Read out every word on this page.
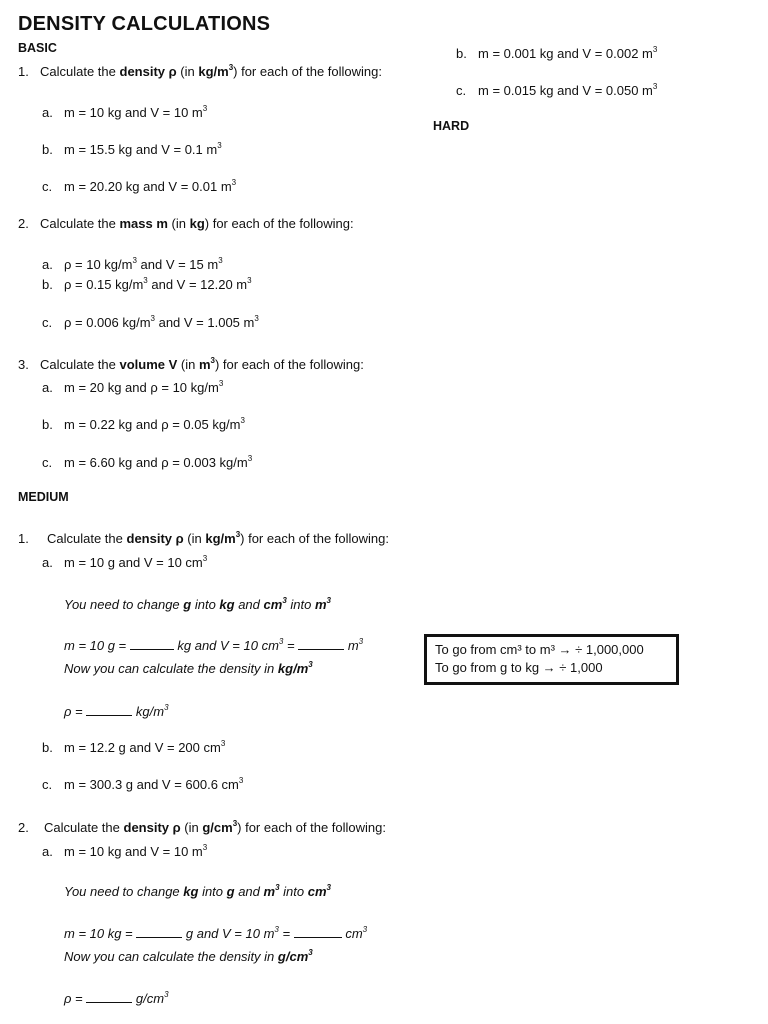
DENSITY CALCULATIONS
BASIC
1. Calculate the density ρ (in $kg/m^3$) for each of the following:
a. m = 10 kg and V = 10 $m^3$
b. m = 15.5 kg and V = 0.1 $m^3$
c. m = 20.20 kg and V = 0.01 $m^3$
2. Calculate the mass m (in kg) for each of the following:
a. ρ = 10 $kg/m^3$ and V = 15 $m^3$
b. ρ = 0.15 $kg/m^3$ and V = 12.20 $m^3$
c. ρ = 0.006 $kg/m^3$ and V = 1.005 $m^3$
3. Calculate the volume V (in $m^3$) for each of the following:
a. m = 20 kg and ρ = 10 $kg/m^3$
b. m = 0.22 kg and ρ = 0.05 $kg/m^3$
c. m = 6.60 kg and ρ = 0.003 $kg/m^3$
MEDIUM
1. Calculate the density ρ (in $kg/m^3$) for each of the following:
a. m = 10 g and V = 10 $cm^3$
You need to change g into kg and $cm^3$ into $m^3$
m = 10 g =	kg and V = 10 $cm^3$ =	$m^3$
Now you can calculate the density in $kg/m^3$
ρ =	$kg/m^3$
b. m = 12.2 g and V = 200 $cm^3$
c. m = 300.3 g and V = 600.6 $cm^3$
2. Calculate the density ρ (in $g/cm^3$) for each of the following:
a. m = 10 kg and V = 10 $m^3$
You need to change kg into g and $m^3$ into $cm^3$
m = 10 kg =	g and V = 10 $m^3$ =	$cm^3$
Now you can calculate the density in $g/cm^3$
ρ =	$g/cm^3$
b. m = 0.001 kg and V = 0.002 $m^3$
c. m = 0.015 kg and V = 0.050 $m^3$
HARD
To go from cm³ to m³ → ÷ 1,000,000
To go from g to kg → ÷ 1,000
